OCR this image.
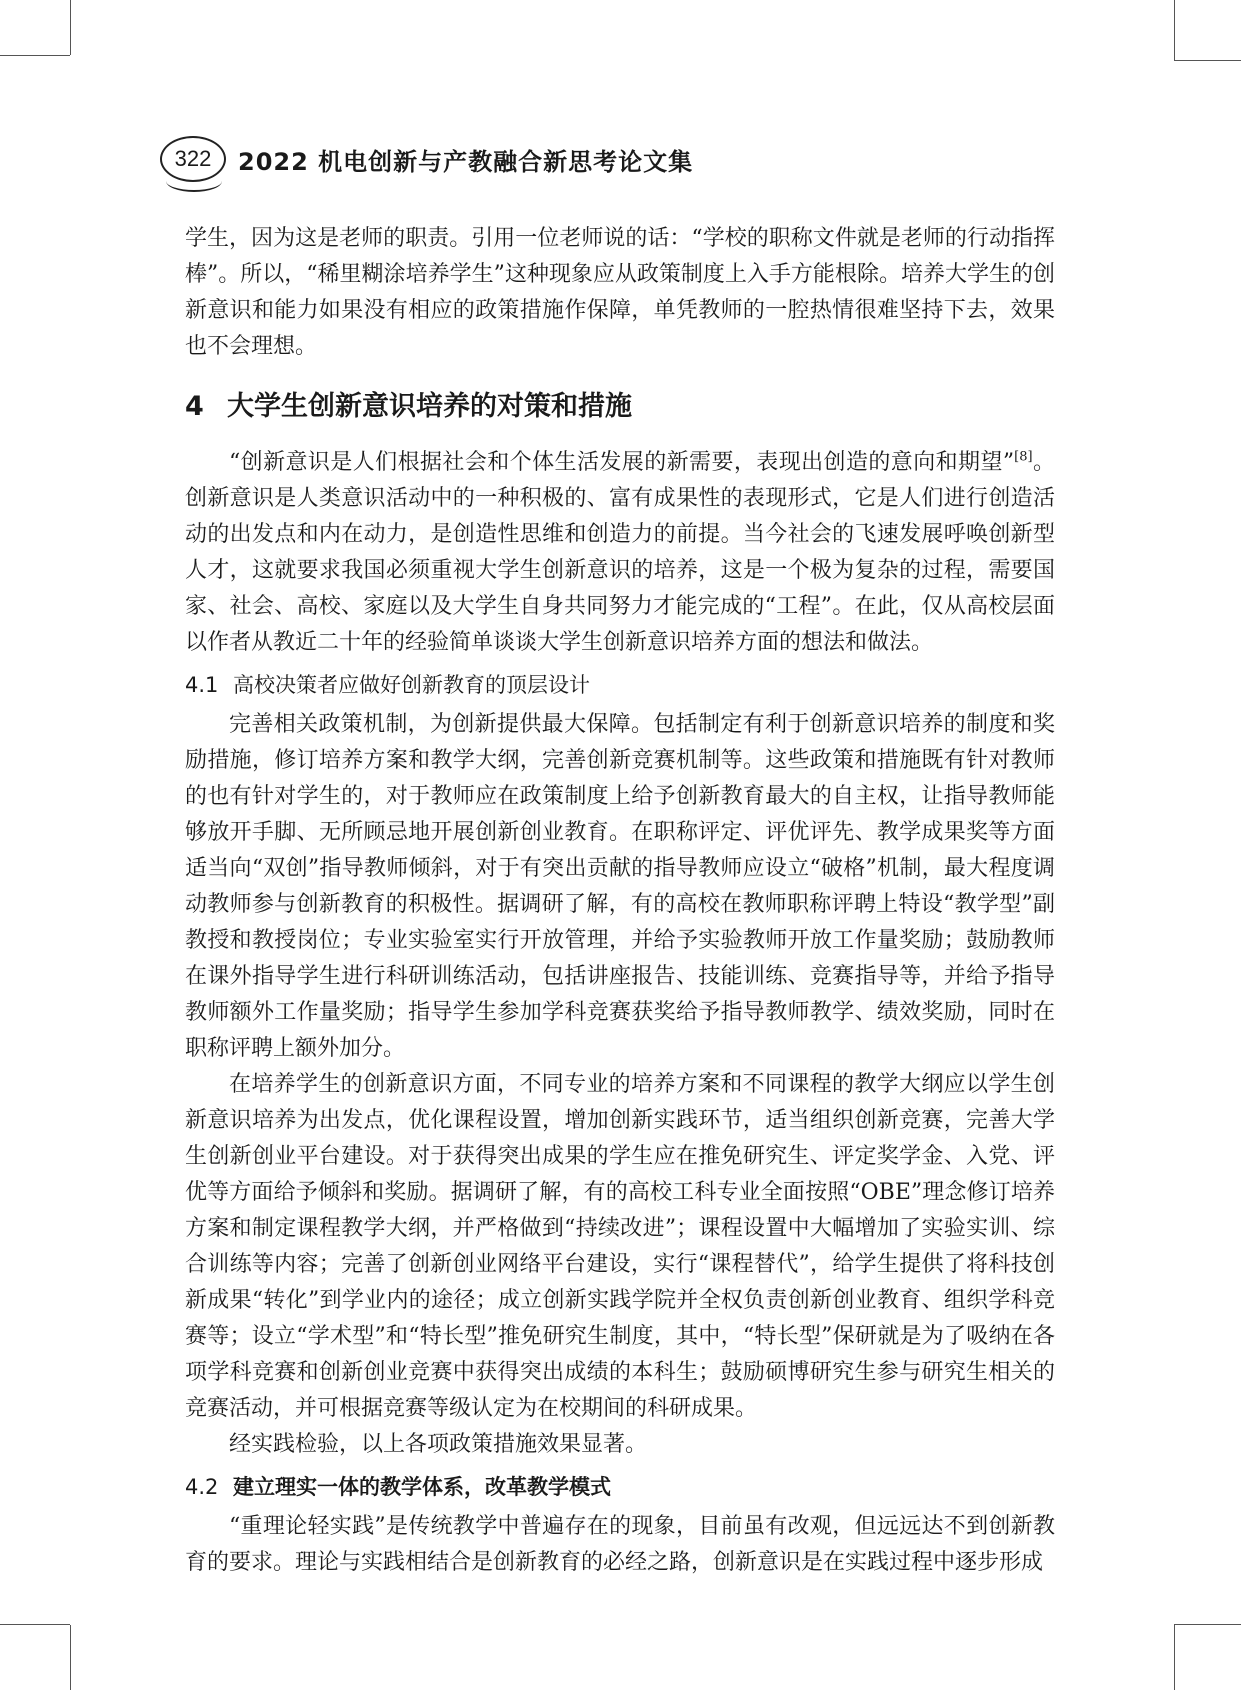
322 2022 机电创新与产教融合新思考论文集

学生，因为这是老师的职责。引用一位老师说的话：“学校的职称文件就是老师的行动指挥棒”。所以，“稀里糊涂培养学生”这种现象应从政策制度上入手方能根除。培养大学生的创新意识和能力如果没有相应的政策措施作保障，单凭教师的一腔热情很难坚持下去，效果也不会理想。

4 大学生创新意识培养的对策和措施

“创新意识是人们根据社会和个体生活发展的新需要，表现出创造的意向和期望”[8]。创新意识是人类意识活动中的一种积极的、富有成果性的表现形式，它是人们进行创造活动的出发点和内在动力，是创造性思维和创造力的前提。当今社会的飞速发展呼唤创新型人才，这就要求我国必须重视大学生创新意识的培养，这是一个极为复杂的过程，需要国家、社会、高校、家庭以及大学生自身共同努力才能完成的“工程”。在此，仅从高校层面以作者从教近二十年的经验简单谈谈大学生创新意识培养方面的想法和做法。

4.1 高校决策者应做好创新教育的顶层设计

完善相关政策机制，为创新提供最大保障。包括制定有利于创新意识培养的制度和奖励措施，修订培养方案和教学大纲，完善创新竞赛机制等。这些政策和措施既有针对教师的也有针对学生的，对于教师应在政策制度上给予创新教育最大的自主权，让指导教师能够放开手脚、无所顾忌地开展创新创业教育。在职称评定、评优评先、教学成果奖等方面适当向“双创”指导教师倾斜，对于有突出贡献的指导教师应设立“破格”机制，最大程度调动教师参与创新教育的积极性。据调研了解，有的高校在教师职称评聘上特设“教学型”副教授和教授岗位；专业实验室实行开放管理，并给予实验教师开放工作量奖励；鼓励教师在课外指导学生进行科研训练活动，包括讲座报告、技能训练、竞赛指导等，并给予指导教师额外工作量奖励；指导学生参加学科竞赛获奖给予指导教师教学、绩效奖励，同时在职称评聘上额外加分。

在培养学生的创新意识方面，不同专业的培养方案和不同课程的教学大纲应以学生创新意识培养为出发点，优化课程设置，增加创新实践环节，适当组织创新竞赛，完善大学生创新创业平台建设。对于获得突出成果的学生应在推免研究生、评定奖学金、入党、评优等方面给予倾斜和奖励。据调研了解，有的高校工科专业全面按照“OBE”理念修订培养方案和制定课程教学大纲，并严格做到“持续改进”；课程设置中大幅增加了实验实训、综合训练等内容；完善了创新创业网络平台建设，实行“课程替代”，给学生提供了将科技创新成果“转化”到学业内的途径；成立创新实践学院并全权负责创新创业教育、组织学科竞赛等；设立“学术型”和“特长型”推免研究生制度，其中，“特长型”保研就是为了吸纳在各项学科竞赛和创新创业竞赛中获得突出成绩的本科生；鼓励硕博研究生参与研究生相关的竞赛活动，并可根据竞赛等级认定为在校期间的科研成果。

经实践检验，以上各项政策措施效果显著。

4.2 建立理实一体的教学体系，改革教学模式

“重理论轻实践”是传统教学中普遍存在的现象，目前虽有改观，但远远达不到创新教育的要求。理论与实践相结合是创新教育的必经之路，创新意识是在实践过程中逐步形成
